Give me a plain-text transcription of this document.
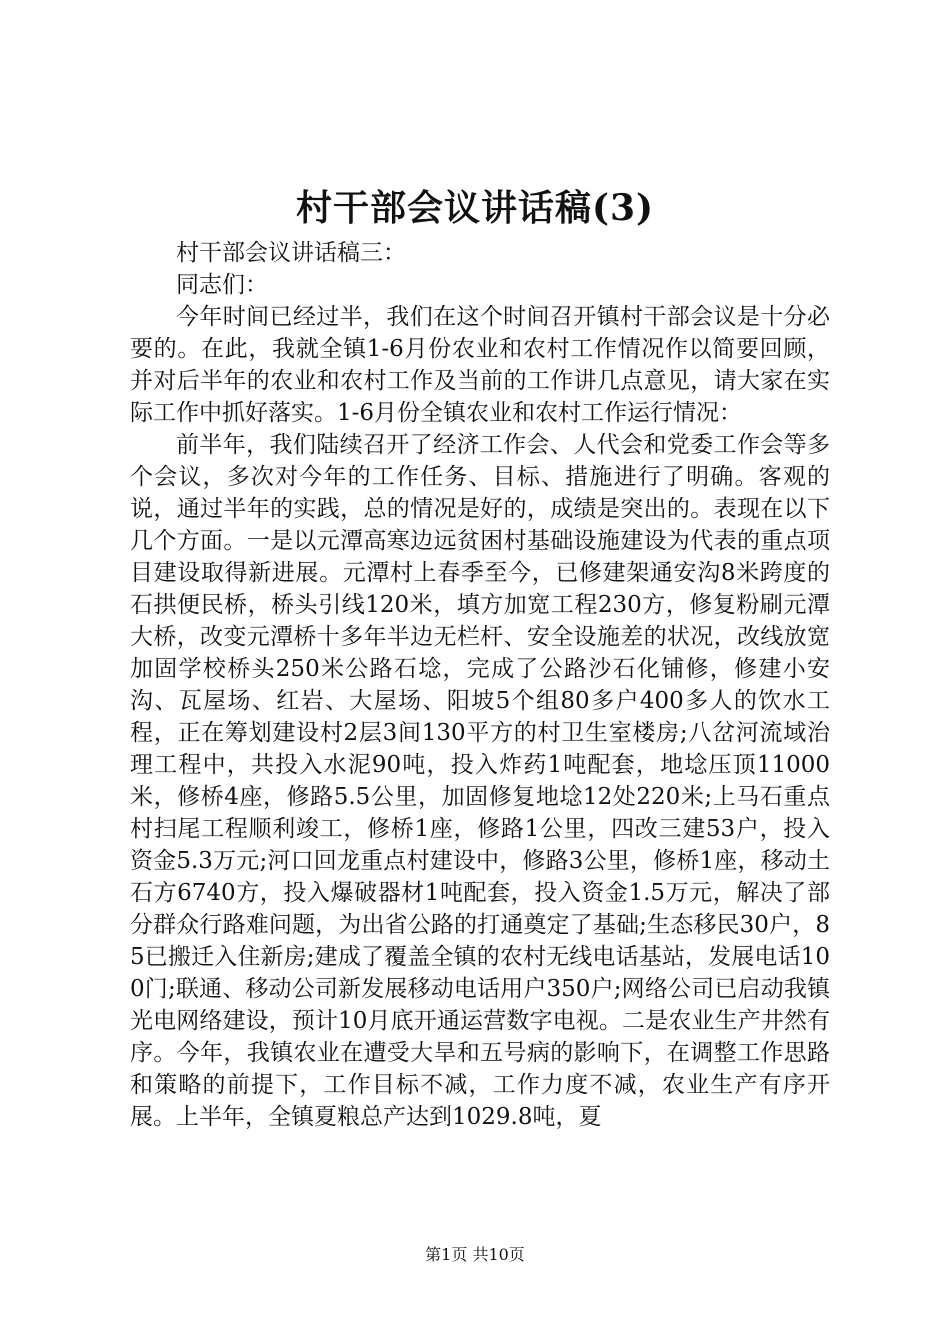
村干部会议讲话稿(3)

村干部会议讲话稿三：

同志们：

今年时间已经过半，我们在这个时间召开镇村干部会议是十分必要的。在此，我就全镇1-6月份农业和农村工作情况作以简要回顾，并对后半年的农业和农村工作及当前的工作讲几点意见，请大家在实际工作中抓好落实。1-6月份全镇农业和农村工作运行情况：

前半年，我们陆续召开了经济工作会、人代会和党委工作会等多个会议，多次对今年的工作任务、目标、措施进行了明确。客观的说，通过半年的实践，总的情况是好的，成绩是突出的。表现在以下几个方面。一是以元潭高寒边远贫困村基础设施建设为代表的重点项目建设取得新进展。元潭村上春季至今，已修建架通安沟8米跨度的石拱便民桥，桥头引线120米，填方加宽工程230方，修复粉刷元潭大桥，改变元潭桥十多年半边无栏杆、安全设施差的状况，改线放宽加固学校桥头250米公路石埝，完成了公路沙石化铺修，修建小安沟、瓦屋场、红岩、大屋场、阳坡5个组80多户400多人的饮水工程，正在筹划建设村2层3间130平方的村卫生室楼房;八岔河流域治理工程中，共投入水泥90吨，投入炸药1吨配套，地埝压顶11000米，修桥4座，修路5.5公里，加固修复地埝12处220米;上马石重点村扫尾工程顺利竣工，修桥1座，修路1公里，四改三建53户，投入资金5.3万元;河口回龙重点村建设中，修路3公里，修桥1座，移动土石方6740方，投入爆破器材1吨配套，投入资金1.5万元，解决了部分群众行路难问题，为出省公路的打通奠定了基础;生态移民30户，85已搬迁入住新房;建成了覆盖全镇的农村无线电话基站，发展电话100门;联通、移动公司新发展移动电话用户350户;网络公司已启动我镇光电网络建设，预计10月底开通运营数字电视。二是农业生产井然有序。今年，我镇农业在遭受大旱和五号病的影响下，在调整工作思路和策略的前提下，工作目标不减，工作力度不减，农业生产有序开展。上半年，全镇夏粮总产达到1029.8吨，夏

第1页 共10页
